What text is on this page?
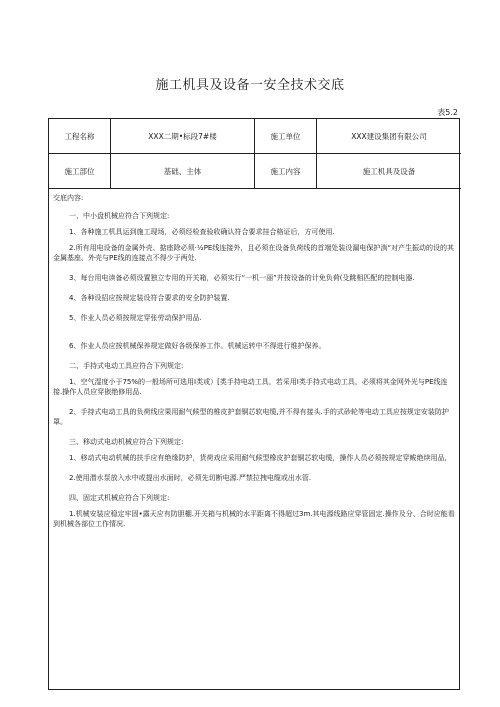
施工机具及设备一安全技术交底
表5.2
工程名称	XXX二期•标段7#楼	施工单位	XXX建设集团有限公司
施工部位	基础、主体	施工内容	施工机具及设备

交底内容:

一、中小盘机械应符合下列规定:

1、各种施工机具运到施工现场，必须经检查验收确认符合要求挂合格证后，方可使用.

2.所有用电设备的金属外壳、掂座除必须·½PE线连接外，且必须在设备负荷线的首端处装设漏电保护淌“对产生振动的设的其金属基座、外壳与PE线的连接点不得少于两处.

3、每台用电读备必须设置独立专用的开关箱，必须实行“一机一丽”并按设备的计免负荷(殳跳相匹配的控制电器.

4、各种设招应按规定装设符合要求的安全防护装置.

5、作业人员必须按规定穿张劳动保护用品.

6、作业人员应按机械保养规定做好各级保养工作。机械运转中不得进行维护保养。

二、手持式电动工具应符合下列规定:

1、空气湿度小于75%的一般场所可选用I类或）[类手持电动工具，若采用I类手持式电动工具，必须将其金网外光与PE线连接.操作人员应穿嵌绝修用品.

2、手持式电动工具的负荷线应果用耐气候型的椎皮护套铜芯软电缆,并不得有接头.手的式砂轮等电动工具应按规定安装防护罩。

三、移动式电动机械应符合下列规定:

1、移动式电动机械的扶手应有绝缘防护，货荷戏应采用耐气候型橡皮护套铜芯软电缆，操作人员必须按规定穿鲅绝续用品，

2.使用潜水泵放入水中或提出水面时，必须先切断电源.严禁拉拽电缆或出水管.

四、固定式机械应符合下列规定:

1.机械安装应稳定牢固•露天应有防胆棚.开关箱与机械的水平距离不得超过3m.其电源线路应穿管固定.操作及分、合时应能看到机械各部位工作情况.
